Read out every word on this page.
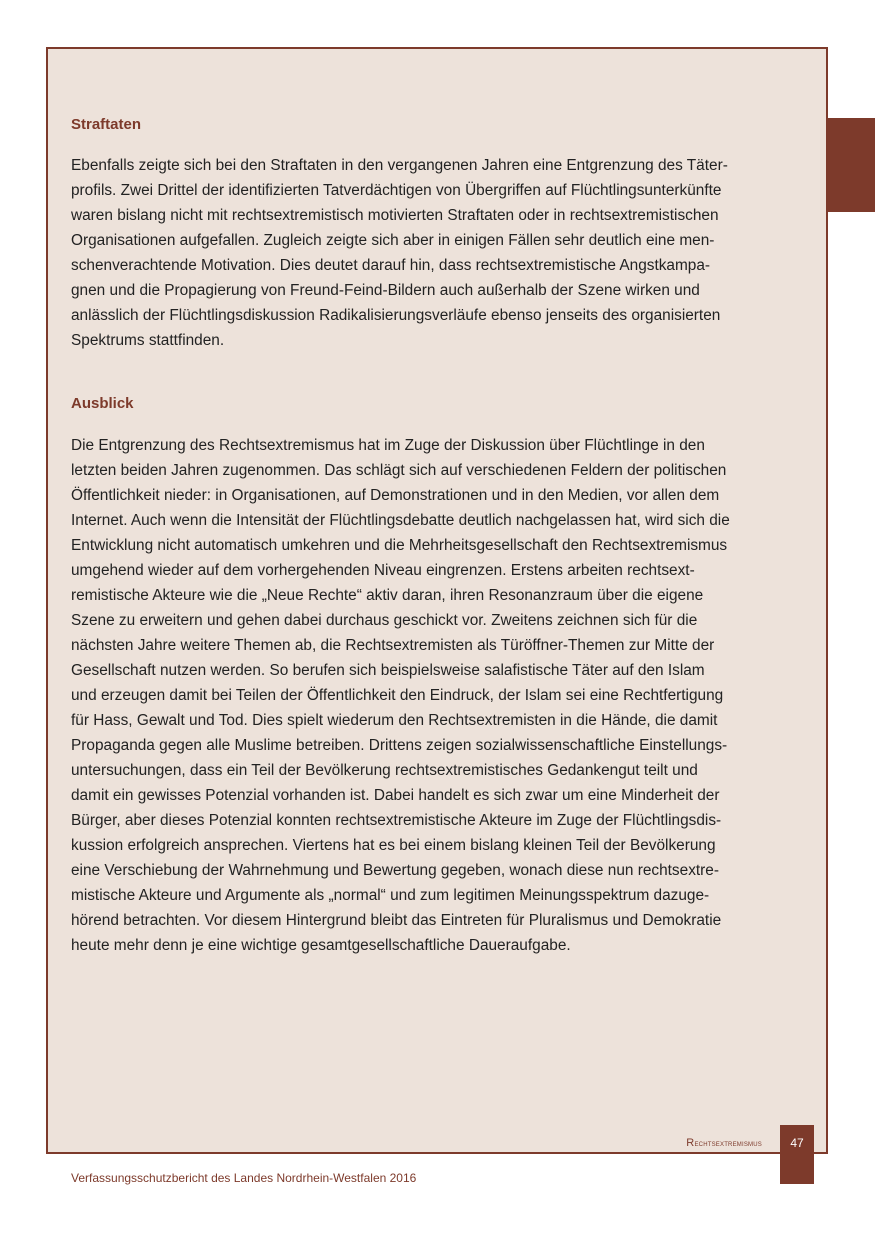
Straftaten
Ebenfalls zeigte sich bei den Straftaten in den vergangenen Jahren eine Entgrenzung des Täter-
profils. Zwei Drittel der identifizierten Tatverdächtigen von Übergriffen auf Flüchtlingsunterkünfte
waren bislang nicht mit rechtsextremistisch motivierten Straftaten oder in rechtsextremistischen
Organisationen aufgefallen. Zugleich zeigte sich aber in einigen Fällen sehr deutlich eine men-
schenverachtende Motivation. Dies deutet darauf hin, dass rechtsextremistische Angstkampa-
gnen und die Propagierung von Freund-Feind-Bildern auch außerhalb der Szene wirken und
anlässlich der Flüchtlingsdiskussion Radikalisierungsverläufe ebenso jenseits des organisierten
Spektrums stattfinden.
Ausblick
Die Entgrenzung des Rechtsextremismus hat im Zuge der Diskussion über Flüchtlinge in den
letzten beiden Jahren zugenommen. Das schlägt sich auf verschiedenen Feldern der politischen
Öffentlichkeit nieder: in Organisationen, auf Demonstrationen und in den Medien, vor allen dem
Internet. Auch wenn die Intensität der Flüchtlingsdebatte deutlich nachgelassen hat, wird sich die
Entwicklung nicht automatisch umkehren und die Mehrheitsgesellschaft den Rechtsextremismus
umgehend wieder auf dem vorhergehenden Niveau eingrenzen. Erstens arbeiten rechtsext-
remistische Akteure wie die „Neue Rechte“ aktiv daran, ihren Resonanzraum über die eigene
Szene zu erweitern und gehen dabei durchaus geschickt vor. Zweitens zeichnen sich für die
nächsten Jahre weitere Themen ab, die Rechtsextremisten als Türöffner-Themen zur Mitte der
Gesellschaft nutzen werden. So berufen sich beispielsweise salafistische Täter auf den Islam
und erzeugen damit bei Teilen der Öffentlichkeit den Eindruck, der Islam sei eine Rechtfertigung
für Hass, Gewalt und Tod. Dies spielt wiederum den Rechtsextremisten in die Hände, die damit
Propaganda gegen alle Muslime betreiben. Drittens zeigen sozialwissenschaftliche Einstellungs-
untersuchungen, dass ein Teil der Bevölkerung rechtsextremistisches Gedankengut teilt und
damit ein gewisses Potenzial vorhanden ist. Dabei handelt es sich zwar um eine Minderheit der
Bürger, aber dieses Potenzial konnten rechtsextremistische Akteure im Zuge der Flüchtlingsdis-
kussion erfolgreich ansprechen. Viertens hat es bei einem bislang kleinen Teil der Bevölkerung
eine Verschiebung der Wahrnehmung und Bewertung gegeben, wonach diese nun rechtsextre-
mistische Akteure und Argumente als „normal“ und zum legitimen Meinungsspektrum dazuge-
hörend betrachten. Vor diesem Hintergrund bleibt das Eintreten für Pluralismus und Demokratie
heute mehr denn je eine wichtige gesamtgesellschaftliche Daueraufgabe.
Rechtsextremismus	47
Verfassungsschutzbericht des Landes Nordrhein-Westfalen 2016
